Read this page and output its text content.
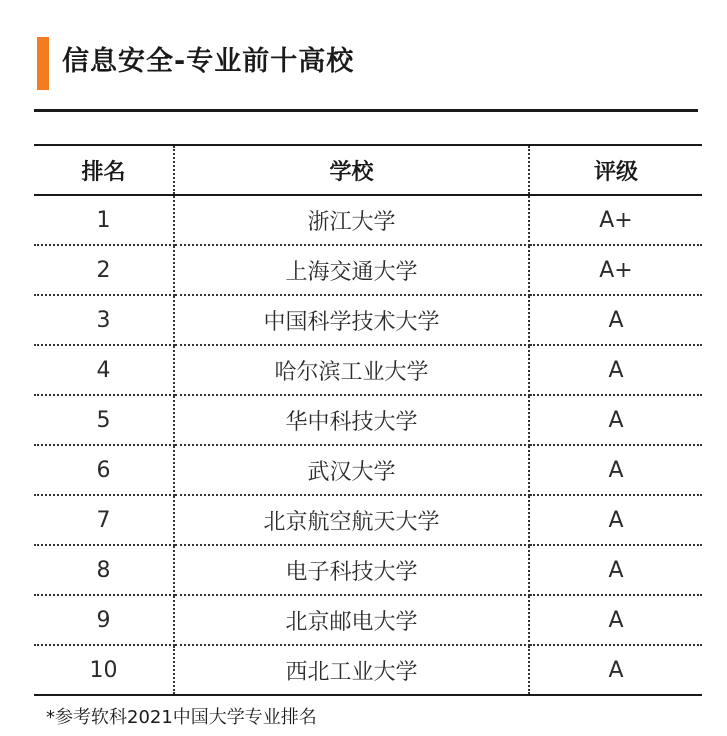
信息安全-专业前十高校
排名	学校	评级
1	浙江大学	A+
2	上海交通大学	A+
3	中国科学技术大学	A
4	哈尔滨工业大学	A
5	华中科技大学	A
6	武汉大学	A
7	北京航空航天大学	A
8	电子科技大学	A
9	北京邮电大学	A
10	西北工业大学	A
*参考软科2021中国大学专业排名
